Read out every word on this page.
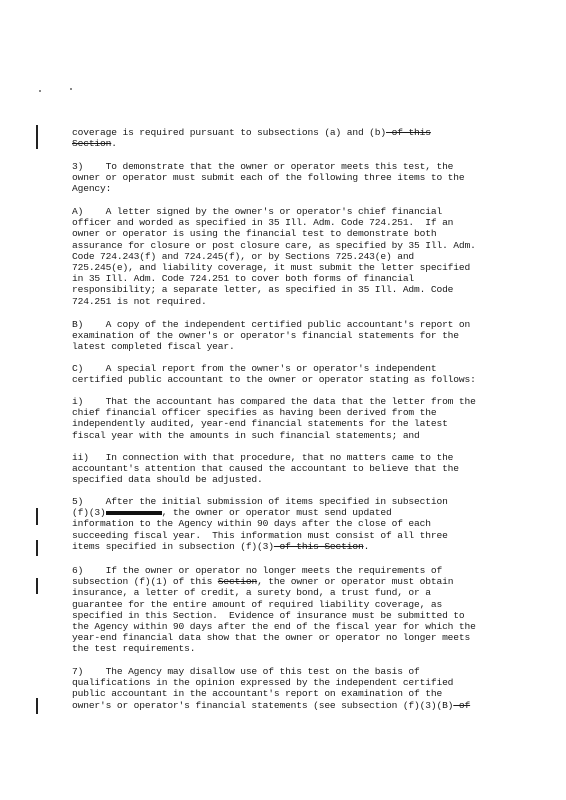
coverage is required pursuant to subsections (a) and (b) of this
Section.
3)    To demonstrate that the owner or operator meets this test, the
owner or operator must submit each of the following three items to the
Agency:
A)    A letter signed by the owner's or operator's chief financial
officer and worded as specified in 35 Ill. Adm. Code 724.251.  If an
owner or operator is using the financial test to demonstrate both
assurance for closure or post closure care, as specified by 35 Ill. Adm.
Code 724.243(f) and 724.245(f), or by Sections 725.243(e) and
725.245(e), and liability coverage, it must submit the letter specified
in 35 Ill. Adm. Code 724.251 to cover both forms of financial
responsibility; a separate letter, as specified in 35 Ill. Adm. Code
724.251 is not required.
B)    A copy of the independent certified public accountant's report on
examination of the owner's or operator's financial statements for the
latest completed fiscal year.
C)    A special report from the owner's or operator's independent
certified public accountant to the owner or operator stating as follows:
i)    That the accountant has compared the data that the letter from the
chief financial officer specifies as having been derived from the
independently audited, year-end financial statements for the latest
fiscal year with the amounts in such financial statements; and
ii)   In connection with that procedure, that no matters came to the
accountant's attention that caused the accountant to believe that the
specified data should be adjusted.
5)    After the initial submission of items specified in subsection
(f)(3)	, the owner or operator must send updated
information to the Agency within 90 days after the close of each
succeeding fiscal year.  This information must consist of all three
items specified in subsection (f)(3) of this Section.
6)    If the owner or operator no longer meets the requirements of
subsection (f)(1) of this Section, the owner or operator must obtain
insurance, a letter of credit, a surety bond, a trust fund, or a
guarantee for the entire amount of required liability coverage, as
specified in this Section.  Evidence of insurance must be submitted to
the Agency within 90 days after the end of the fiscal year for which the
year-end financial data show that the owner or operator no longer meets
the test requirements.
7)    The Agency may disallow use of this test on the basis of
qualifications in the opinion expressed by the independent certified
public accountant in the accountant's report on examination of the
owner's or operator's financial statements (see subsection (f)(3)(B) of
